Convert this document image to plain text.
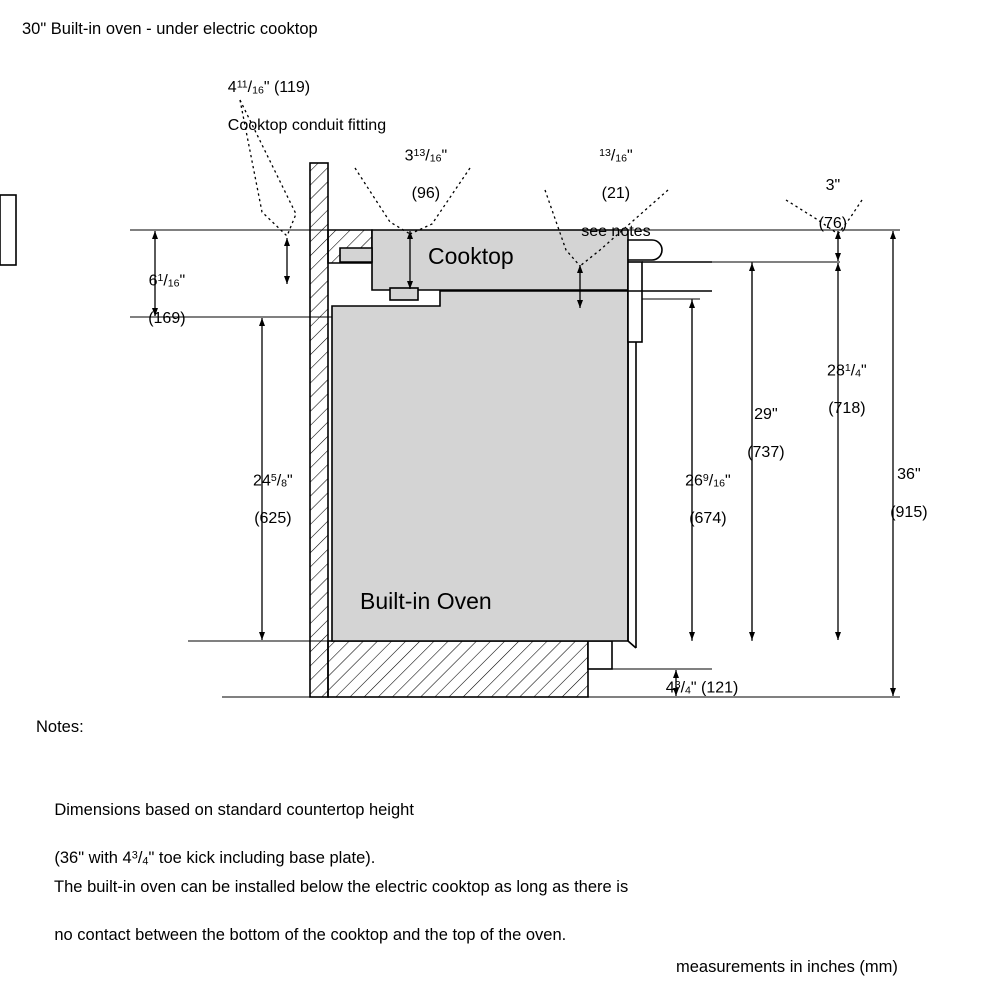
30" Built-in oven - under electric cooktop

$4^{11}/_{16}$" (119)

Cooktop conduit fitting

$3^{13}/_{16}$"

(96)

$^{13}/_{16}$"

(21)

see notes

3"

(76)

$6^1/_{16}$"

(169)

$24^5/_8$"

(625)

$26^9/_{16}$"

(674)

29"

(737)

$28^1/_4$"

(718)

36"

(915)

$4^3/_4$" (121)

Cooktop
Built-in Oven
Notes:

Dimensions based on standard countertop height

(36" with $4^3/_4$" toe kick including base plate).

The built-in oven can be installed below the electric cooktop as long as there is

no contact between the bottom of the cooktop and the top of the oven.

measurements in inches (mm)
